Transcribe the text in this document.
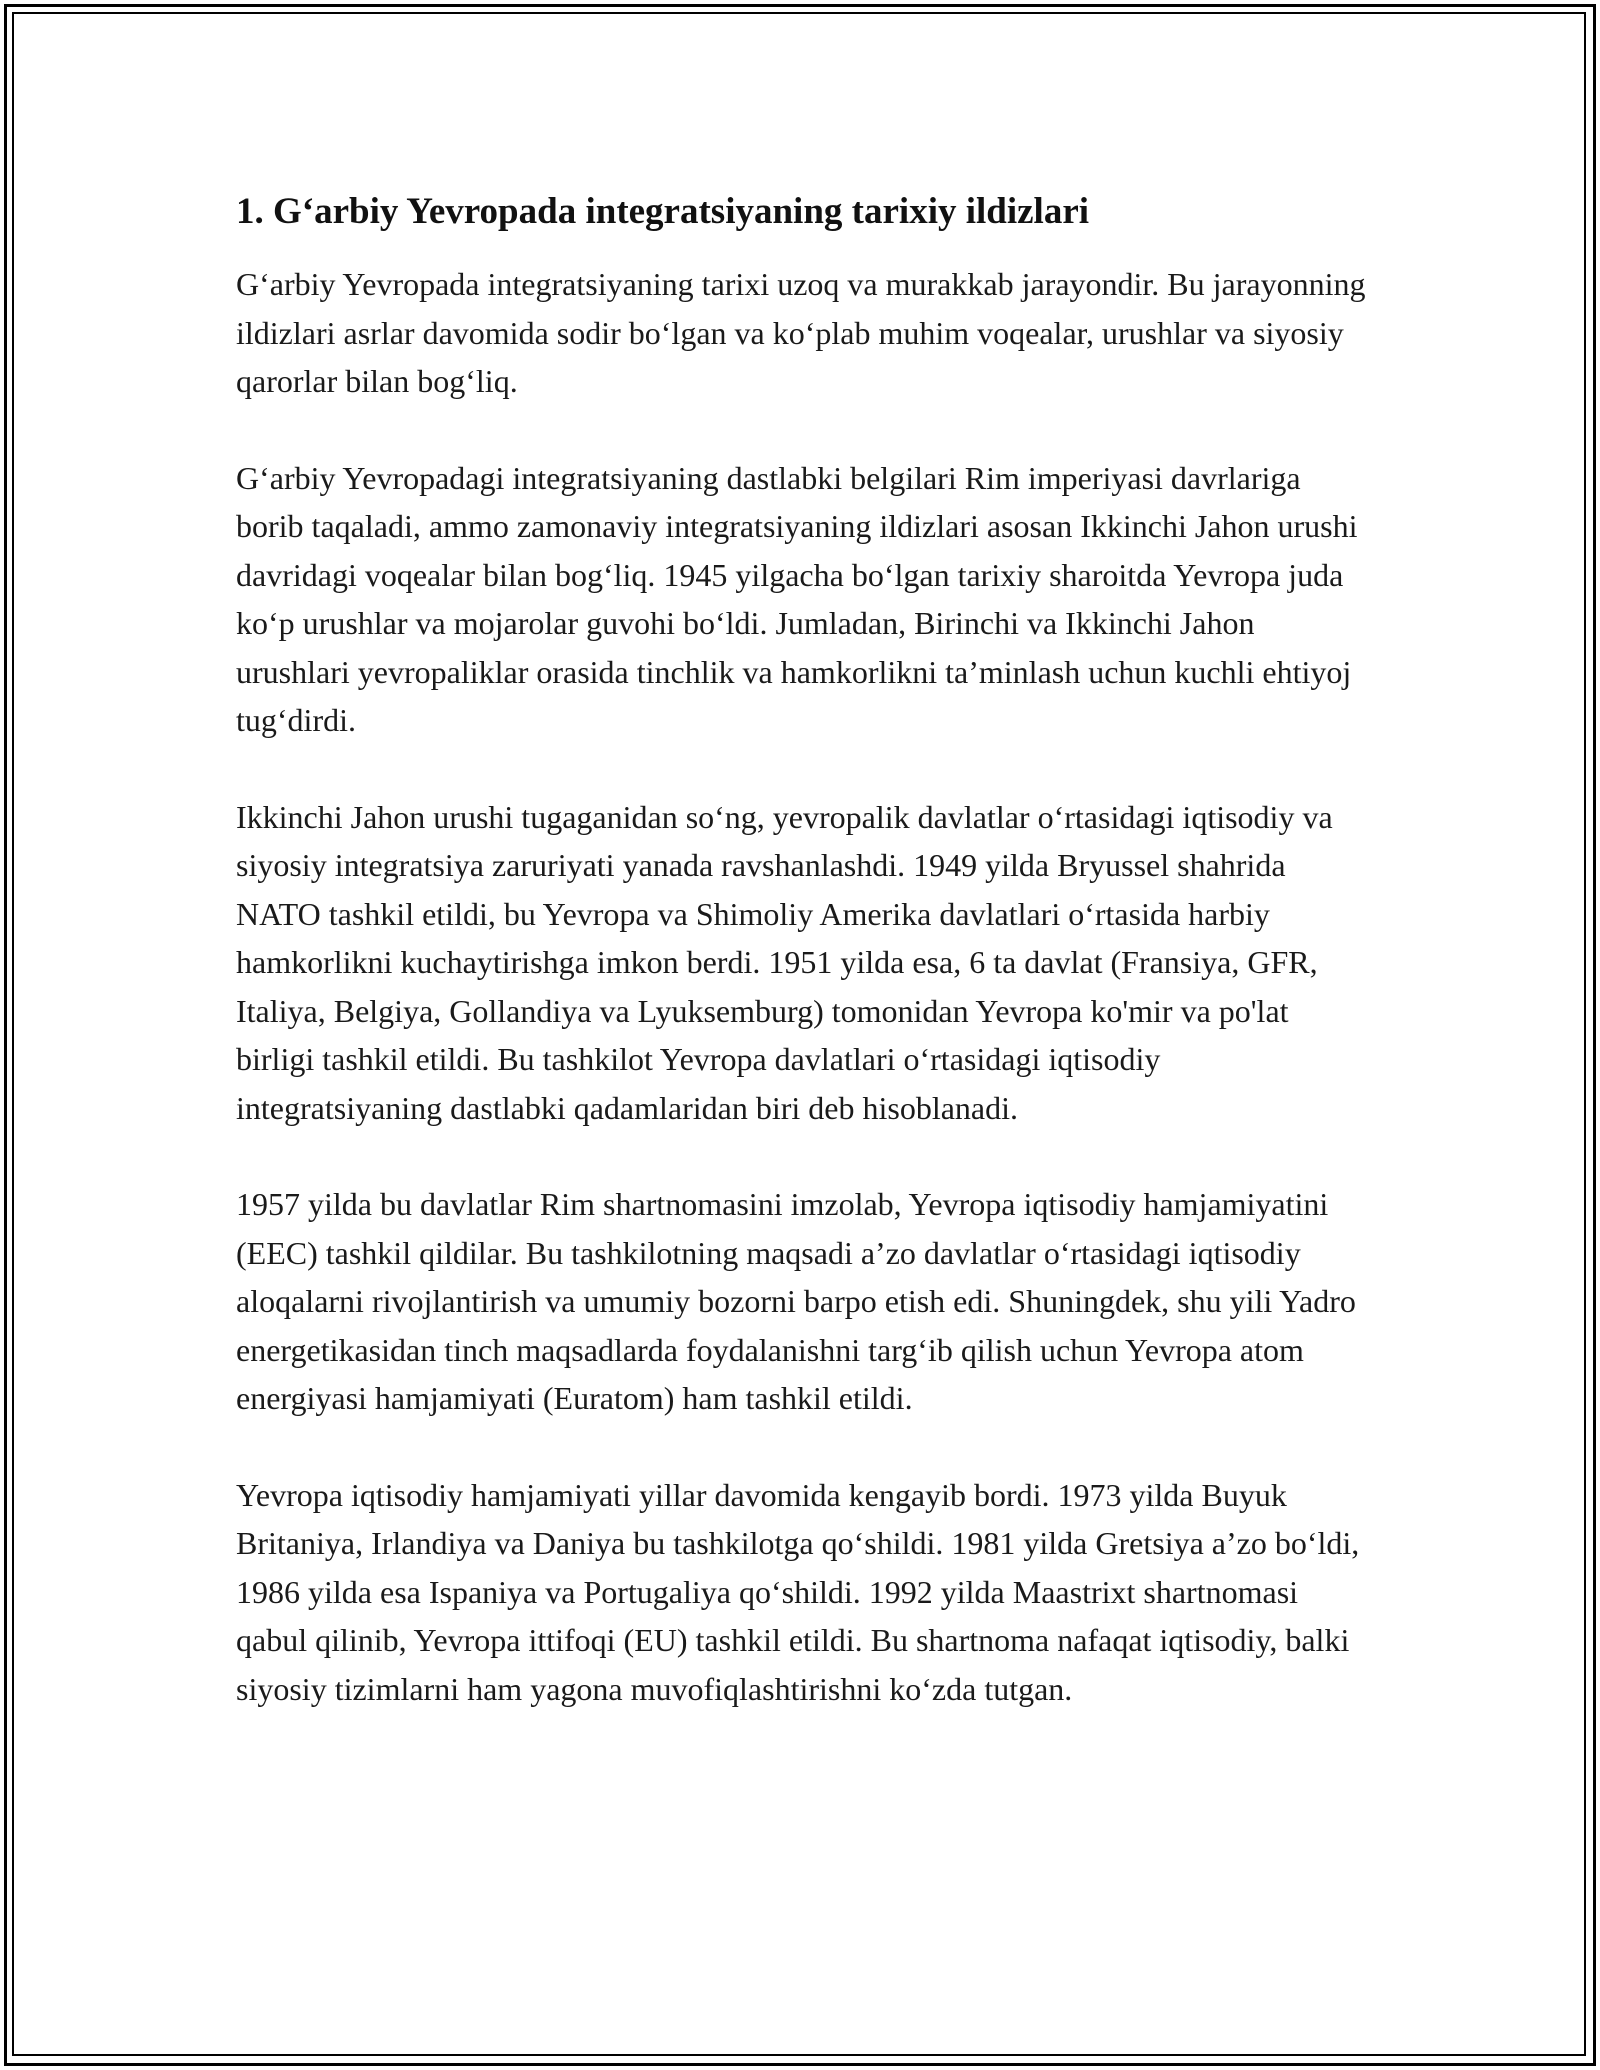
1. G‘arbiy Yevropada integratsiyaning tarixiy ildizlari

G‘arbiy Yevropada integratsiyaning tarixi uzoq va murakkab jarayondir. Bu jarayonning ildizlari asrlar davomida sodir bo‘lgan va ko‘plab muhim voqealar, urushlar va siyosiy qarorlar bilan bog‘liq.

G‘arbiy Yevropadagi integratsiyaning dastlabki belgilari Rim imperiyasi davrlariga borib taqaladi, ammo zamonaviy integratsiyaning ildizlari asosan Ikkinchi Jahon urushi davridagi voqealar bilan bog‘liq. 1945 yilgacha bo‘lgan tarixiy sharoitda Yevropa juda ko‘p urushlar va mojarolar guvohi bo‘ldi. Jumladan, Birinchi va Ikkinchi Jahon urushlari yevropaliklar orasida tinchlik va hamkorlikni ta’minlash uchun kuchli ehtiyoj tug‘dirdi.

Ikkinchi Jahon urushi tugaganidan so‘ng, yevropalik davlatlar o‘rtasidagi iqtisodiy va siyosiy integratsiya zaruriyati yanada ravshanlashdi. 1949 yilda Bryussel shahrida NATO tashkil etildi, bu Yevropa va Shimoliy Amerika davlatlari o‘rtasida harbiy hamkorlikni kuchaytirishga imkon berdi. 1951 yilda esa, 6 ta davlat (Fransiya, GFR, Italiya, Belgiya, Gollandiya va Lyuksemburg) tomonidan Yevropa ko'mir va po'lat birligi tashkil etildi. Bu tashkilot Yevropa davlatlari o‘rtasidagi iqtisodiy integratsiyaning dastlabki qadamlaridan biri deb hisoblanadi.

1957 yilda bu davlatlar Rim shartnomasini imzolab, Yevropa iqtisodiy hamjamiyatini (EEC) tashkil qildilar. Bu tashkilotning maqsadi a’zo davlatlar o‘rtasidagi iqtisodiy aloqalarni rivojlantirish va umumiy bozorni barpo etish edi. Shuningdek, shu yili Yadro energetikasidan tinch maqsadlarda foydalanishni targ‘ib qilish uchun Yevropa atom energiyasi hamjamiyati (Euratom) ham tashkil etildi.

Yevropa iqtisodiy hamjamiyati yillar davomida kengayib bordi. 1973 yilda Buyuk Britaniya, Irlandiya va Daniya bu tashkilotga qo‘shildi. 1981 yilda Gretsiya a’zo bo‘ldi, 1986 yilda esa Ispaniya va Portugaliya qo‘shildi. 1992 yilda Maastrixt shartnomasi qabul qilinib, Yevropa ittifoqi (EU) tashkil etildi. Bu shartnoma nafaqat iqtisodiy, balki siyosiy tizimlarni ham yagona muvofiqlashtirishni ko‘zda tutgan.
